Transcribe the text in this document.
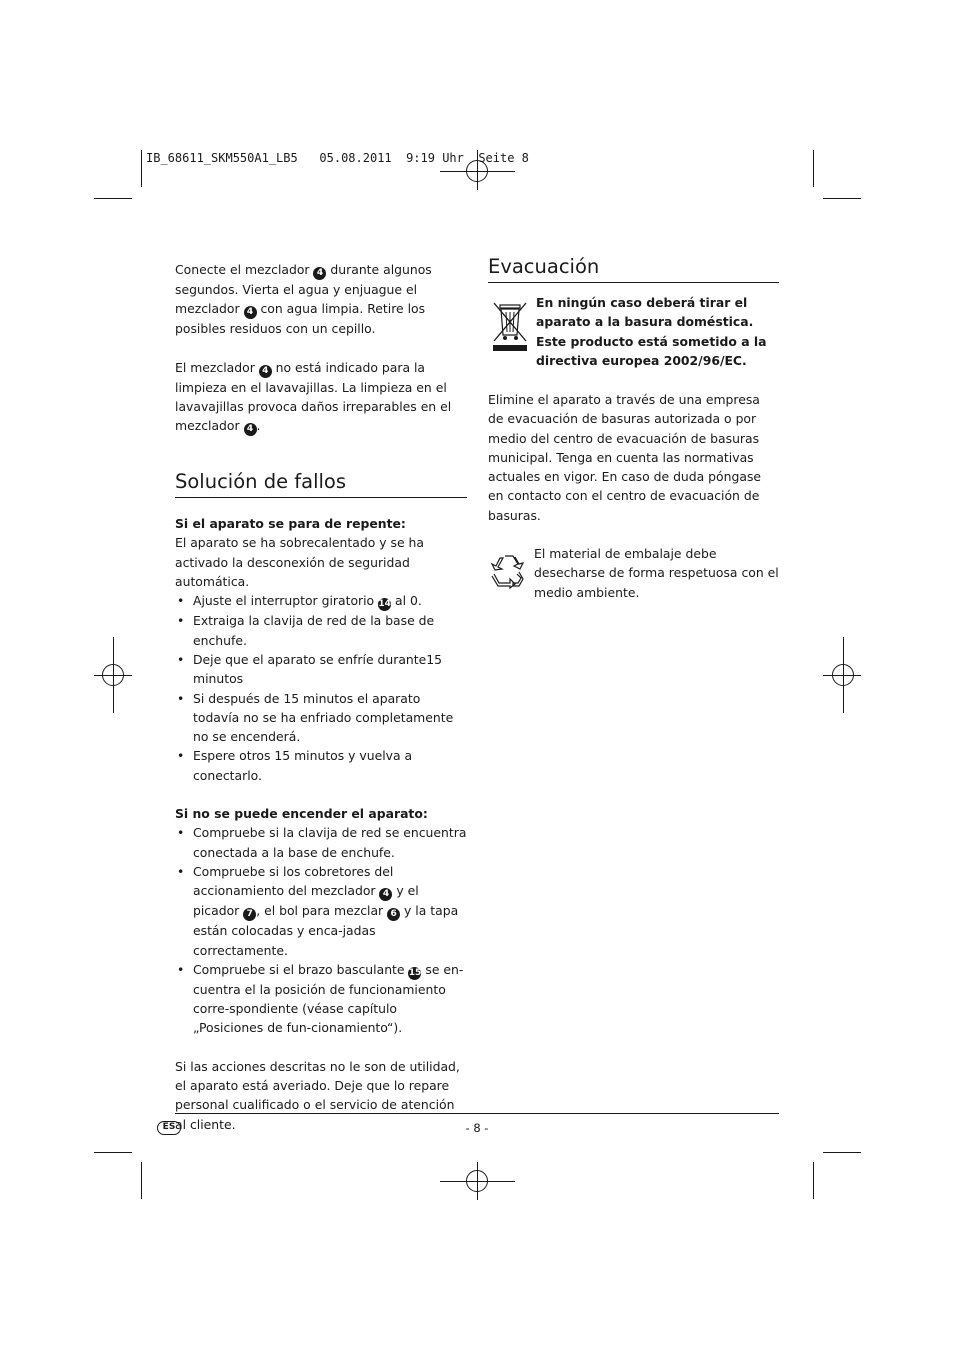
IB_68611_SKM550A1_LB5   05.08.2011  9:19 Uhr  Seite 8

Conecte el mezclador 4 durante algunos segundos. Vierta el agua y enjuague el mezclador 4 con agua limpia. Retire los posibles residuos con un cepillo.

El mezclador 4 no está indicado para la limpieza en el lavavajillas. La limpieza en el lavavajillas provoca daños irreparables en el mezclador 4 .

Solución de fallos

Si el aparato se para de repente:

El aparato se ha sobrecalentado y se ha activado la desconexión de seguridad automática.

• Ajuste el interruptor giratorio 14 al 0.
• Extraiga la clavija de red de la base de enchufe.
• Deje que el aparato se enfríe durante15 minutos
• Si después de 15 minutos el aparato todavía no se ha enfriado completamente no se encenderá.
• Espere otros 15 minutos y vuelva a conectarlo.

Si no se puede encender el aparato:

• Compruebe si la clavija de red se encuentra conectada a la base de enchufe.
• Compruebe si los cobretores del accionamiento del mezclador 4 y el picador 7 , el bol para mezclar 6 y la tapa están colocadas y enca-jadas correctamente.
• Compruebe si el brazo basculante 15 se en-cuentra el la posición de funcionamiento corre-spondiente (véase capítulo „Posiciones de fun-cionamiento“).

Si las acciones descritas no le son de utilidad, el aparato está averiado. Deje que lo repare personal cualificado o el servicio de atención al cliente.

Evacuación

En ningún caso deberá tirar el aparato a la basura doméstica. Este producto está sometido a la directiva europea 2002/96/EC.

Elimine el aparato a través de una empresa de evacuación de basuras autorizada o por medio del centro de evacuación de basuras municipal. Tenga en cuenta las normativas actuales en vigor. En caso de duda póngase en contacto con el centro de evacuación de basuras.

El material de embalaje debe desecharse de forma respetuosa con el medio ambiente.

ES	- 8 -
